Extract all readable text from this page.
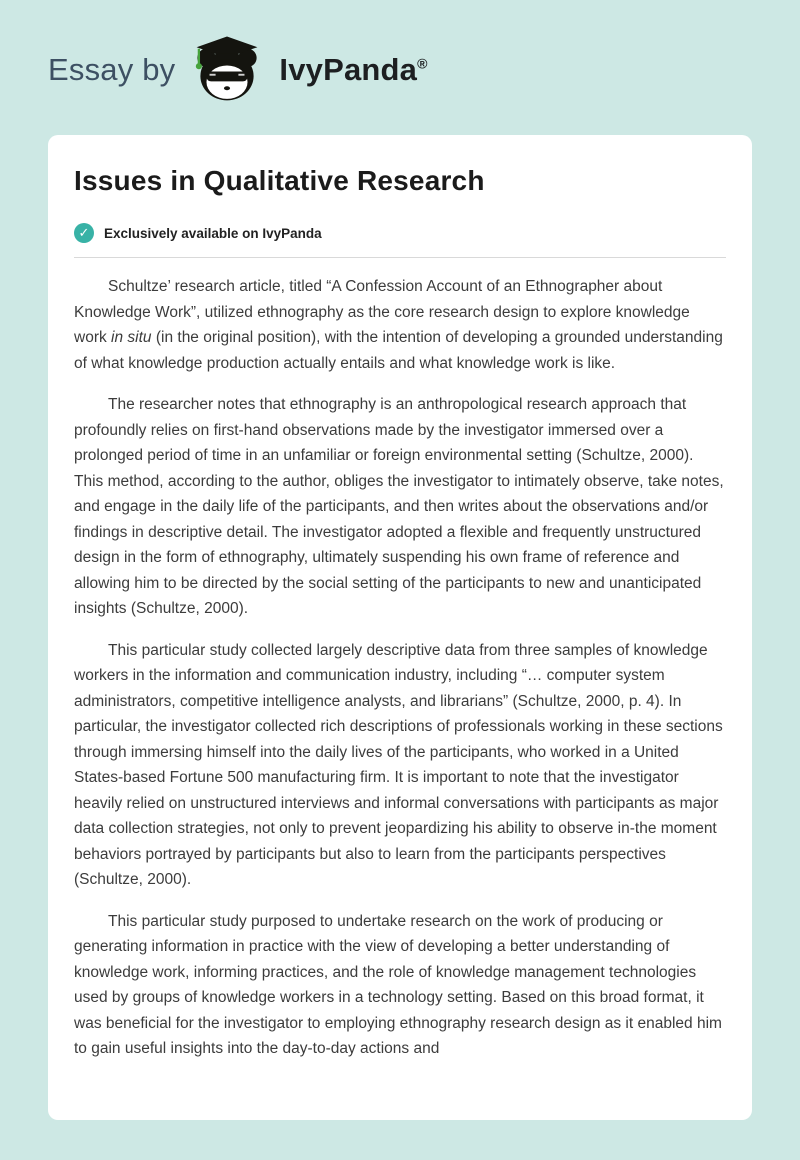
Essay by	IvyPanda®
Issues in Qualitative Research
✓	Exclusively available on IvyPanda

Schultze’ research article, titled “A Confession Account of an Ethnographer about Knowledge Work”, utilized ethnography as the core research design to explore knowledge work in situ (in the original position), with the intention of developing a grounded understanding of what knowledge production actually entails and what knowledge work is like.

The researcher notes that ethnography is an anthropological research approach that profoundly relies on first-hand observations made by the investigator immersed over a prolonged period of time in an unfamiliar or foreign environmental setting (Schultze, 2000). This method, according to the author, obliges the investigator to intimately observe, take notes, and engage in the daily life of the participants, and then writes about the observations and/or findings in descriptive detail. The investigator adopted a flexible and frequently unstructured design in the form of ethnography, ultimately suspending his own frame of reference and allowing him to be directed by the social setting of the participants to new and unanticipated insights (Schultze, 2000).

This particular study collected largely descriptive data from three samples of knowledge workers in the information and communication industry, including “… computer system administrators, competitive intelligence analysts, and librarians” (Schultze, 2000, p. 4). In particular, the investigator collected rich descriptions of professionals working in these sections through immersing himself into the daily lives of the participants, who worked in a United States-based Fortune 500 manufacturing firm. It is important to note that the investigator heavily relied on unstructured interviews and informal conversations with participants as major data collection strategies, not only to prevent jeopardizing his ability to observe in-the moment behaviors portrayed by participants but also to learn from the participants perspectives (Schultze, 2000).

This particular study purposed to undertake research on the work of producing or generating information in practice with the view of developing a better understanding of knowledge work, informing practices, and the role of knowledge management technologies used by groups of knowledge workers in a technology setting. Based on this broad format, it was beneficial for the investigator to employing ethnography research design as it enabled him to gain useful insights into the day-to-day actions and
